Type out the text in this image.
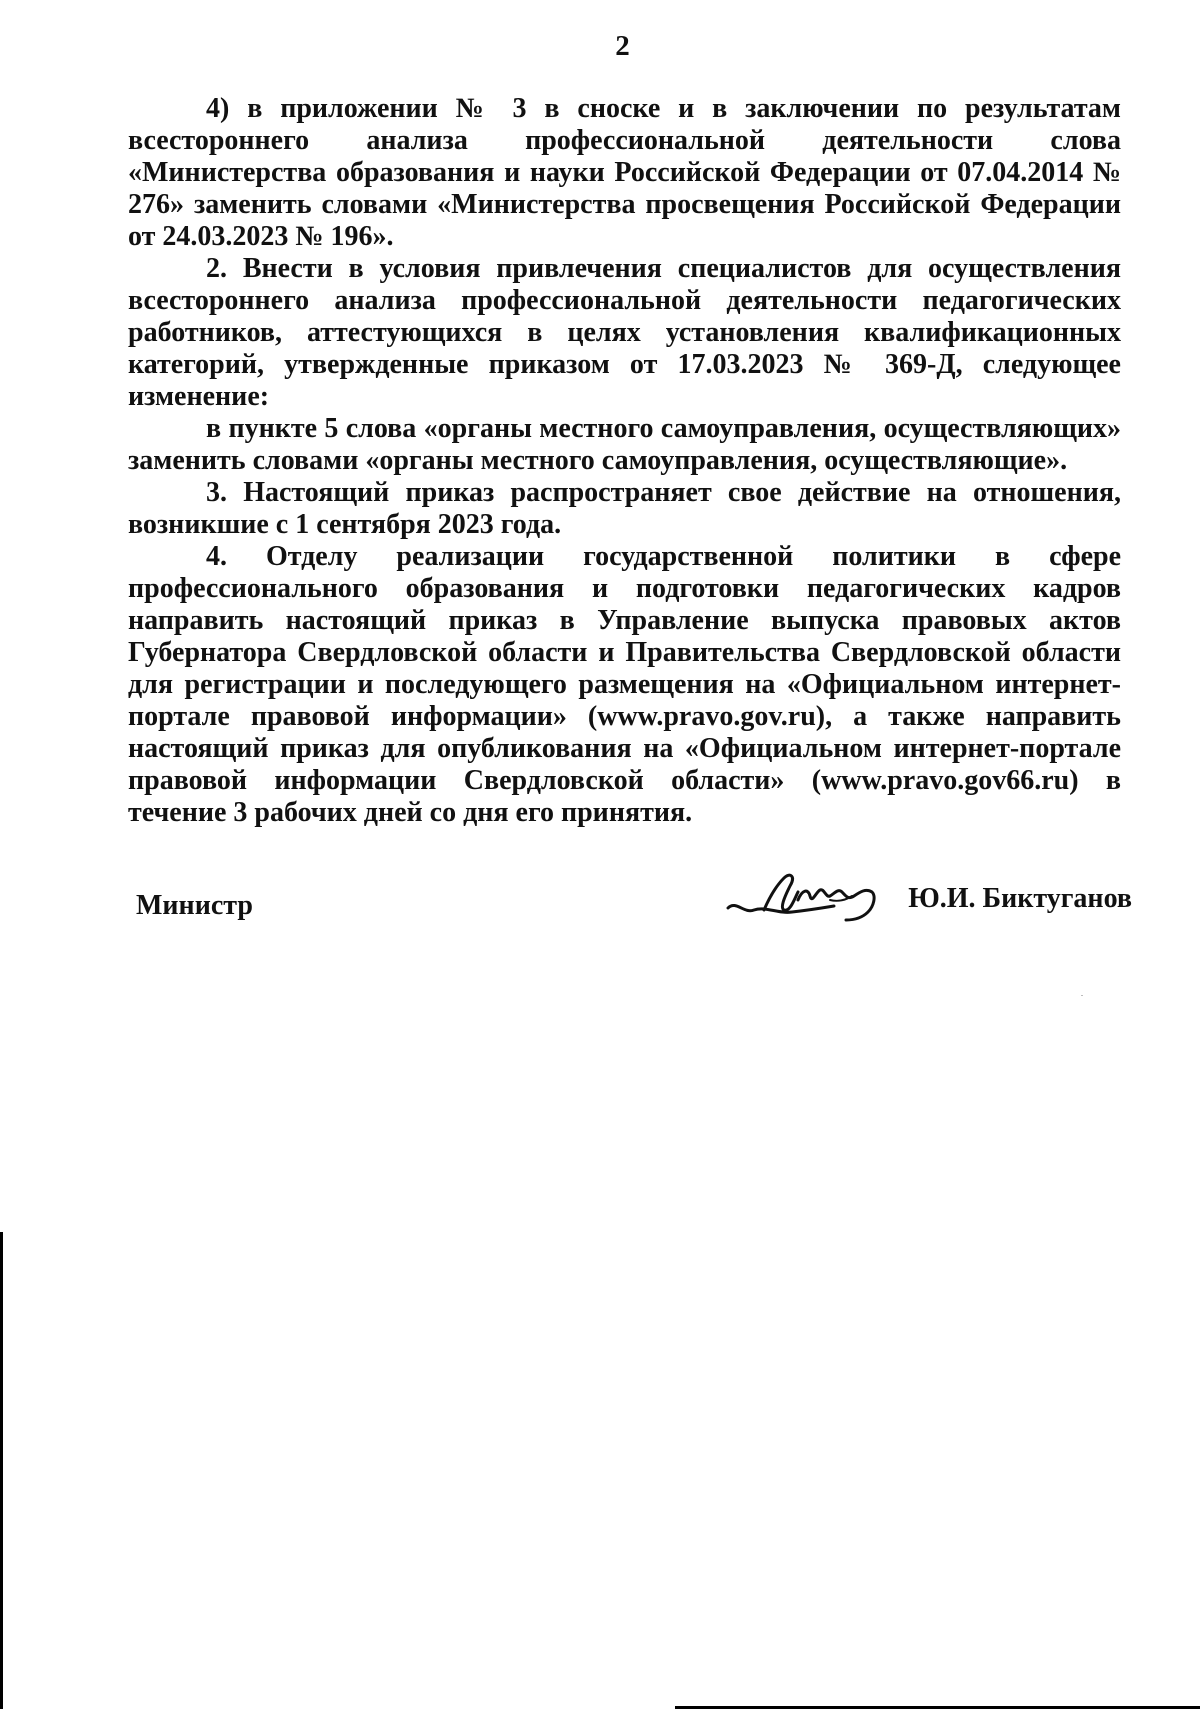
2

4) в приложении № 3 в сноске и в заключении по результатам всестороннего анализа профессиональной деятельности слова «Министерства образования и науки Российской Федерации от 07.04.2014 № 276» заменить словами «Министерства просвещения Российской Федерации от 24.03.2023 № 196».

2. Внести в условия привлечения специалистов для осуществления всестороннего анализа профессиональной деятельности педагогических работников, аттестующихся в целях установления квалификационных категорий, утвержденные приказом от 17.03.2023 № 369-Д, следующее изменение:

в пункте 5 слова «органы местного самоуправления, осуществляющих» заменить словами «органы местного самоуправления, осуществляющие».

3. Настоящий приказ распространяет свое действие на отношения, возникшие с 1 сентября 2023 года.

4. Отделу реализации государственной политики в сфере профессионального образования и подготовки педагогических кадров направить настоящий приказ в Управление выпуска правовых актов Губернатора Свердловской области и Правительства Свердловской области для регистрации и последующего размещения на «Официальном интернет-портале правовой информации» (www.pravo.gov.ru), а также направить настоящий приказ для опубликования на «Официальном интернет-портале правовой информации Свердловской области» (www.pravo.gov66.ru) в течение 3 рабочих дней со дня его принятия.

Министр	Ю.И. Биктуганов
